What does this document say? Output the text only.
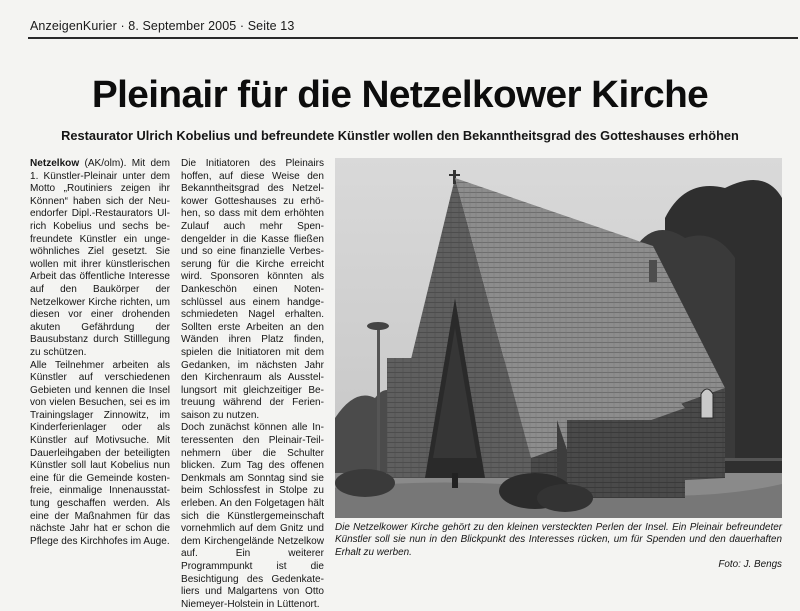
AnzeigenKurier · 8. September 2005 · Seite 13
Pleinair für die Netzelkower Kirche
Restaurator Ulrich Kobelius und befreundete Künstler wollen den Bekanntheitsgrad des Gotteshauses erhöhen

Netzelkow (AK/olm). Mit dem 1. Künstler-Pleinair unter dem Motto „Routiniers zeigen ihr Können“ haben sich der Neuendorfer Dipl.-Restaurators Ulrich Kobelius und sechs befreundete Künstler ein ungewöhnliches Ziel gesetzt. Sie wollen mit ihrer künstlerischen Arbeit das öffentliche Interesse auf den Baukörper der Netzelkower Kirche richten, um diesen vor einer drohenden akuten Gefährdung der Bausubstanz durch Stilllegung zu schützen.

Alle Teilnehmer arbeiten als Künstler auf verschiedenen Gebieten und kennen die Insel von vielen Besuchen, sei es im Trainingslager Zinnowitz, im Kinderferienlager oder als Künstler auf Motivsuche. Mit Dauerleihgaben der beteiligten Künstler soll laut Kobelius nun eine für die Gemeinde kostenfreie, einmalige Innenausstattung geschaffen werden. Als eine der Maßnahmen für das nächste Jahr hat er schon die Pflege des Kirchhofes im Auge.

Die Initiatoren des Pleinairs hoffen, auf diese Weise den Bekanntheitsgrad des Netzelkower Gotteshauses zu erhöhen, so dass mit dem erhöhten Zulauf auch mehr Spendengelder in die Kasse fließen und so eine finanzielle Verbesserung für die Kirche erreicht wird. Sponsoren könnten als Dankeschön einen Notenschlüssel aus einem handgeschmiedeten Nagel erhalten. Sollten erste Arbeiten an den Wänden ihren Platz finden, spielen die Initiatoren mit dem Gedanken, im nächsten Jahr den Kirchenraum als Ausstellungsort mit gleichzeitiger Betreuung während der Feriensaison zu nutzen.

Doch zunächst können alle Interessenten den Pleinair-Teilnehmern über die Schulter blicken. Zum Tag des offenen Denkmals am Sonntag sind sie beim Schlossfest in Stolpe zu erleben. An den Folgetagen hält sich die Künstlergemeinschaft vornehmlich auf dem Gnitz und dem Kirchengelände Netzelkow auf. Ein weiterer Programmpunkt ist die Besichtigung des Gedenkateliers und Malgartens von Otto Niemeyer-Holstein in Lüttenort.

Die Netzelkower Kirche gehört zu den kleinen versteckten Perlen der Insel. Ein Pleinair befreundeter Künstler soll sie nun in den Blickpunkt des Interesses rücken, um für Spenden und den dauerhaften Erhalt zu werben.
Foto: J. Bengs
